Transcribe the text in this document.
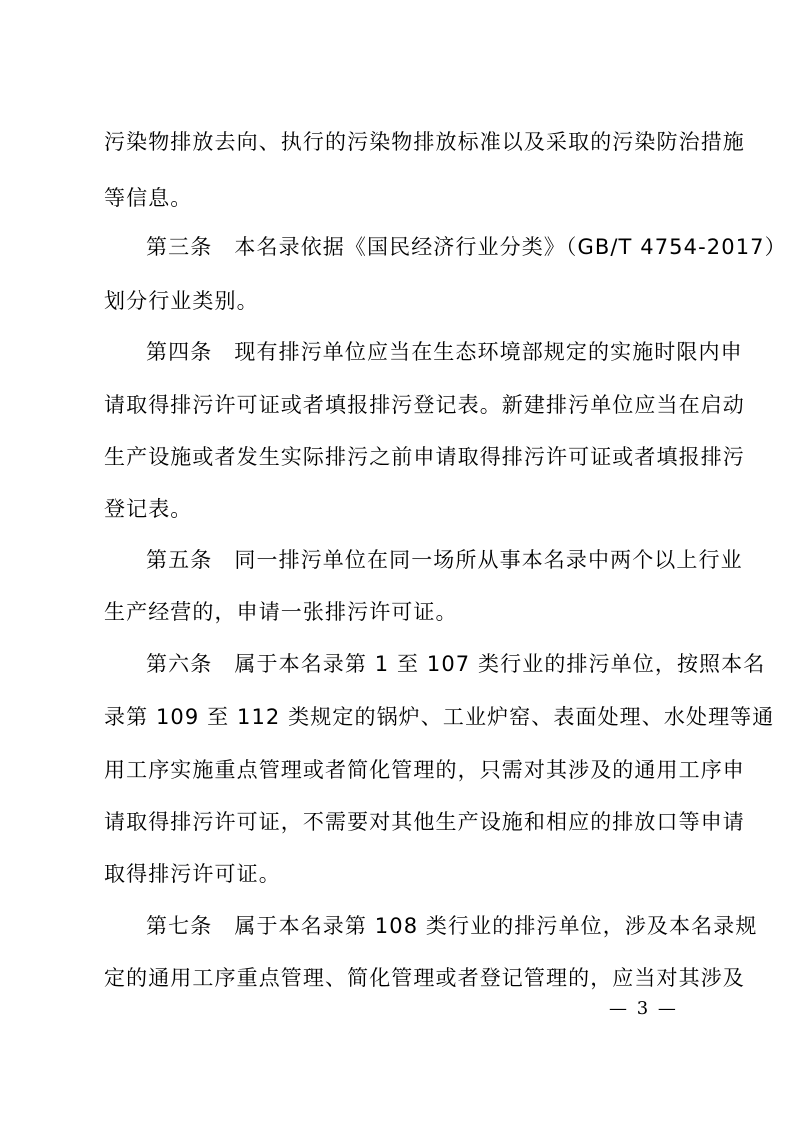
污染物排放去向、执行的污染物排放标准以及采取的污染防治措施

等信息。

第三条　本名录依据《国民经济行业分类》（GB/T 4754-2017）

划分行业类别。

第四条　现有排污单位应当在生态环境部规定的实施时限内申

请取得排污许可证或者填报排污登记表。新建排污单位应当在启动

生产设施或者发生实际排污之前申请取得排污许可证或者填报排污

登记表。

第五条　同一排污单位在同一场所从事本名录中两个以上行业

生产经营的，申请一张排污许可证。

第六条　属于本名录第 1 至 107 类行业的排污单位，按照本名

录第 109 至 112 类规定的锅炉、工业炉窑、表面处理、水处理等通

用工序实施重点管理或者简化管理的，只需对其涉及的通用工序申

请取得排污许可证，不需要对其他生产设施和相应的排放口等申请

取得排污许可证。

第七条　属于本名录第 108 类行业的排污单位，涉及本名录规

定的通用工序重点管理、简化管理或者登记管理的，应当对其涉及

— 3 —
